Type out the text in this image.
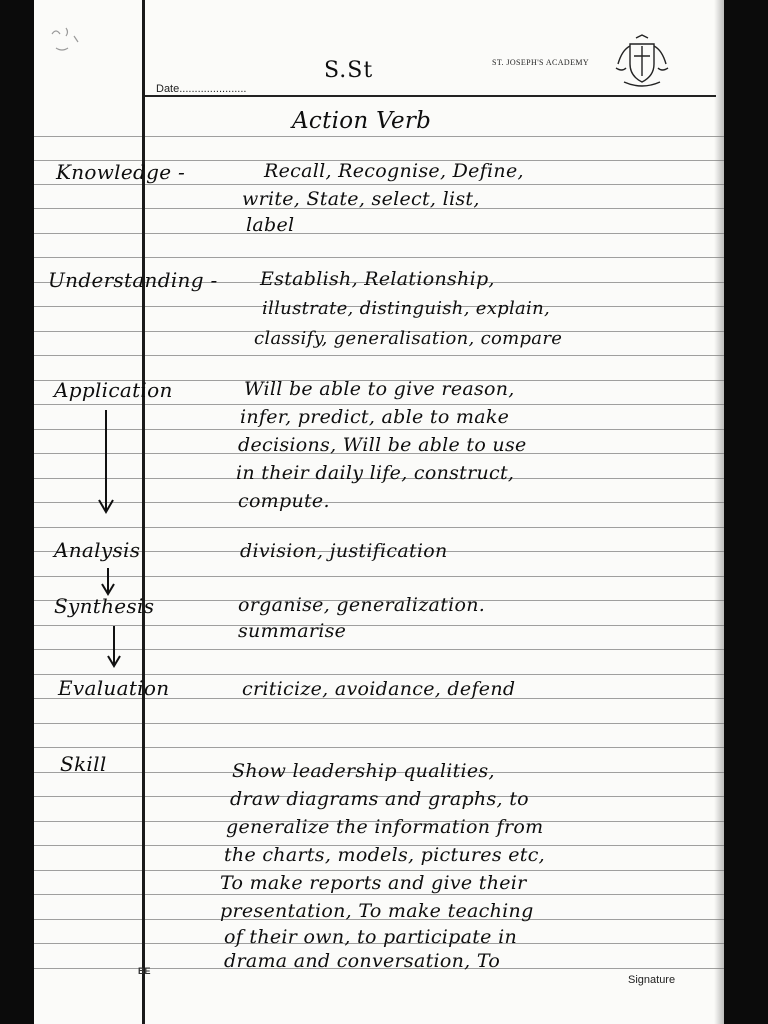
S.St
Date......................
ST. JOSEPH'S ACADEMY
Action Verb
Knowledge -	Recall, Recognise, Define,
write, State, select, list,
label
Understanding - Establish, Relationship,
illustrate, distinguish, explain,
classify, generalisation, compare
Application	Will be able to give reason,
infer, predict, able to make
decisions, Will be able to use
in their daily life, construct,
compute.
Analysis	division, justification
Synthesis	organise, generalization.
summarise
Evaluation	criticize, avoidance, defend
Skill	Show leadership qualities,
draw diagrams and graphs, to
generalize the information from
the charts, models, pictures etc,
To make reports and give their
presentation, To make teaching
of their own, to participate in
drama and conversation, To
BE
Signature
